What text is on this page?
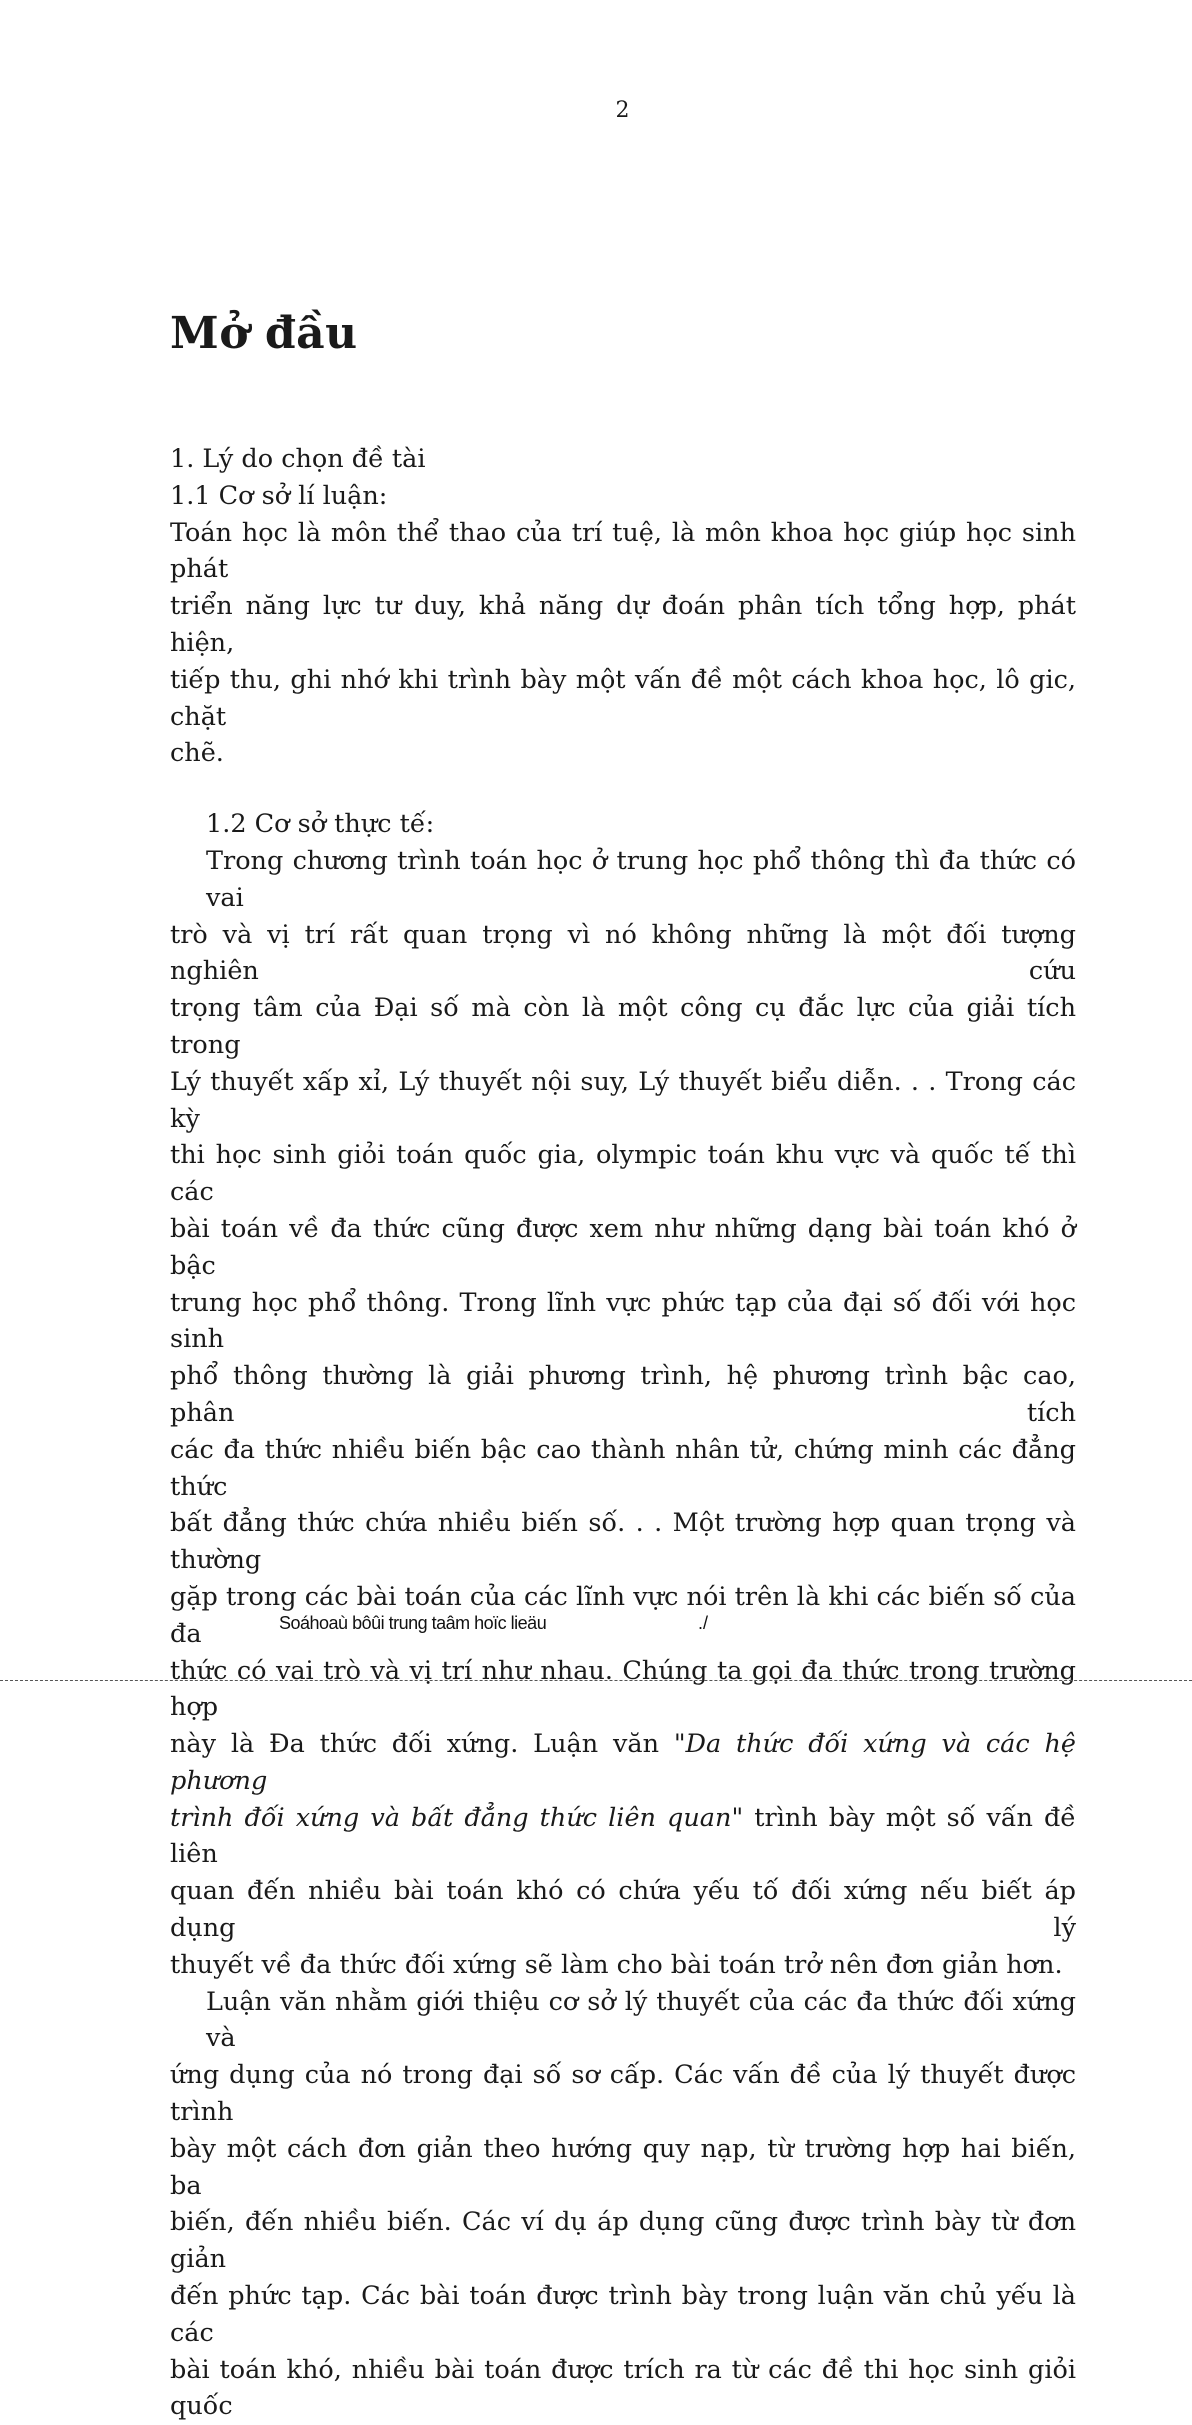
2
Mở đầu
1. Lý do chọn đề tài
1.1 Cơ sở lí luận:
Toán học là môn thể thao của trí tuệ, là môn khoa học giúp học sinh phát
triển năng lực tư duy, khả năng dự đoán phân tích tổng hợp, phát hiện,
tiếp thu, ghi nhớ khi trình bày một vấn đề một cách khoa học, lô gic, chặt
chẽ.
1.2 Cơ sở thực tế:
Trong chương trình toán học ở trung học phổ thông thì đa thức có vai
trò và vị trí rất quan trọng vì nó không những là một đối tượng nghiên cứu
trọng tâm của Đại số mà còn là một công cụ đắc lực của giải tích trong
Lý thuyết xấp xỉ, Lý thuyết nội suy, Lý thuyết biểu diễn. . . Trong các kỳ
thi học sinh giỏi toán quốc gia, olympic toán khu vực và quốc tế thì các
bài toán về đa thức cũng được xem như những dạng bài toán khó ở bậc
trung học phổ thông. Trong lĩnh vực phức tạp của đại số đối với học sinh
phổ thông thường là giải phương trình, hệ phương trình bậc cao, phân tích
các đa thức nhiều biến bậc cao thành nhân tử, chứng minh các đẳng thức
bất đẳng thức chứa nhiều biến số. . . Một trường hợp quan trọng và thường
gặp trong các bài toán của các lĩnh vực nói trên là khi các biến số của đa
thức có vai trò và vị trí như nhau. Chúng ta gọi đa thức trong trường hợp
này là Đa thức đối xứng. Luận văn "Da thức đối xứng và các hệ phương
trình đối xứng và bất đẳng thức liên quan" trình bày một số vấn đề liên
quan đến nhiều bài toán khó có chứa yếu tố đối xứng nếu biết áp dụng lý
thuyết về đa thức đối xứng sẽ làm cho bài toán trở nên đơn giản hơn.
Luận văn nhằm giới thiệu cơ sở lý thuyết của các đa thức đối xứng và
ứng dụng của nó trong đại số sơ cấp. Các vấn đề của lý thuyết được trình
bày một cách đơn giản theo hướng quy nạp, từ trường hợp hai biến, ba
biến, đến nhiều biến. Các ví dụ áp dụng cũng được trình bày từ đơn giản
đến phức tạp. Các bài toán được trình bày trong luận văn chủ yếu là các
bài toán khó, nhiều bài toán được trích ra từ các đề thi học sinh giỏi quốc
Soáhoaù bôûi trung taâm hoïc lieäu	./
